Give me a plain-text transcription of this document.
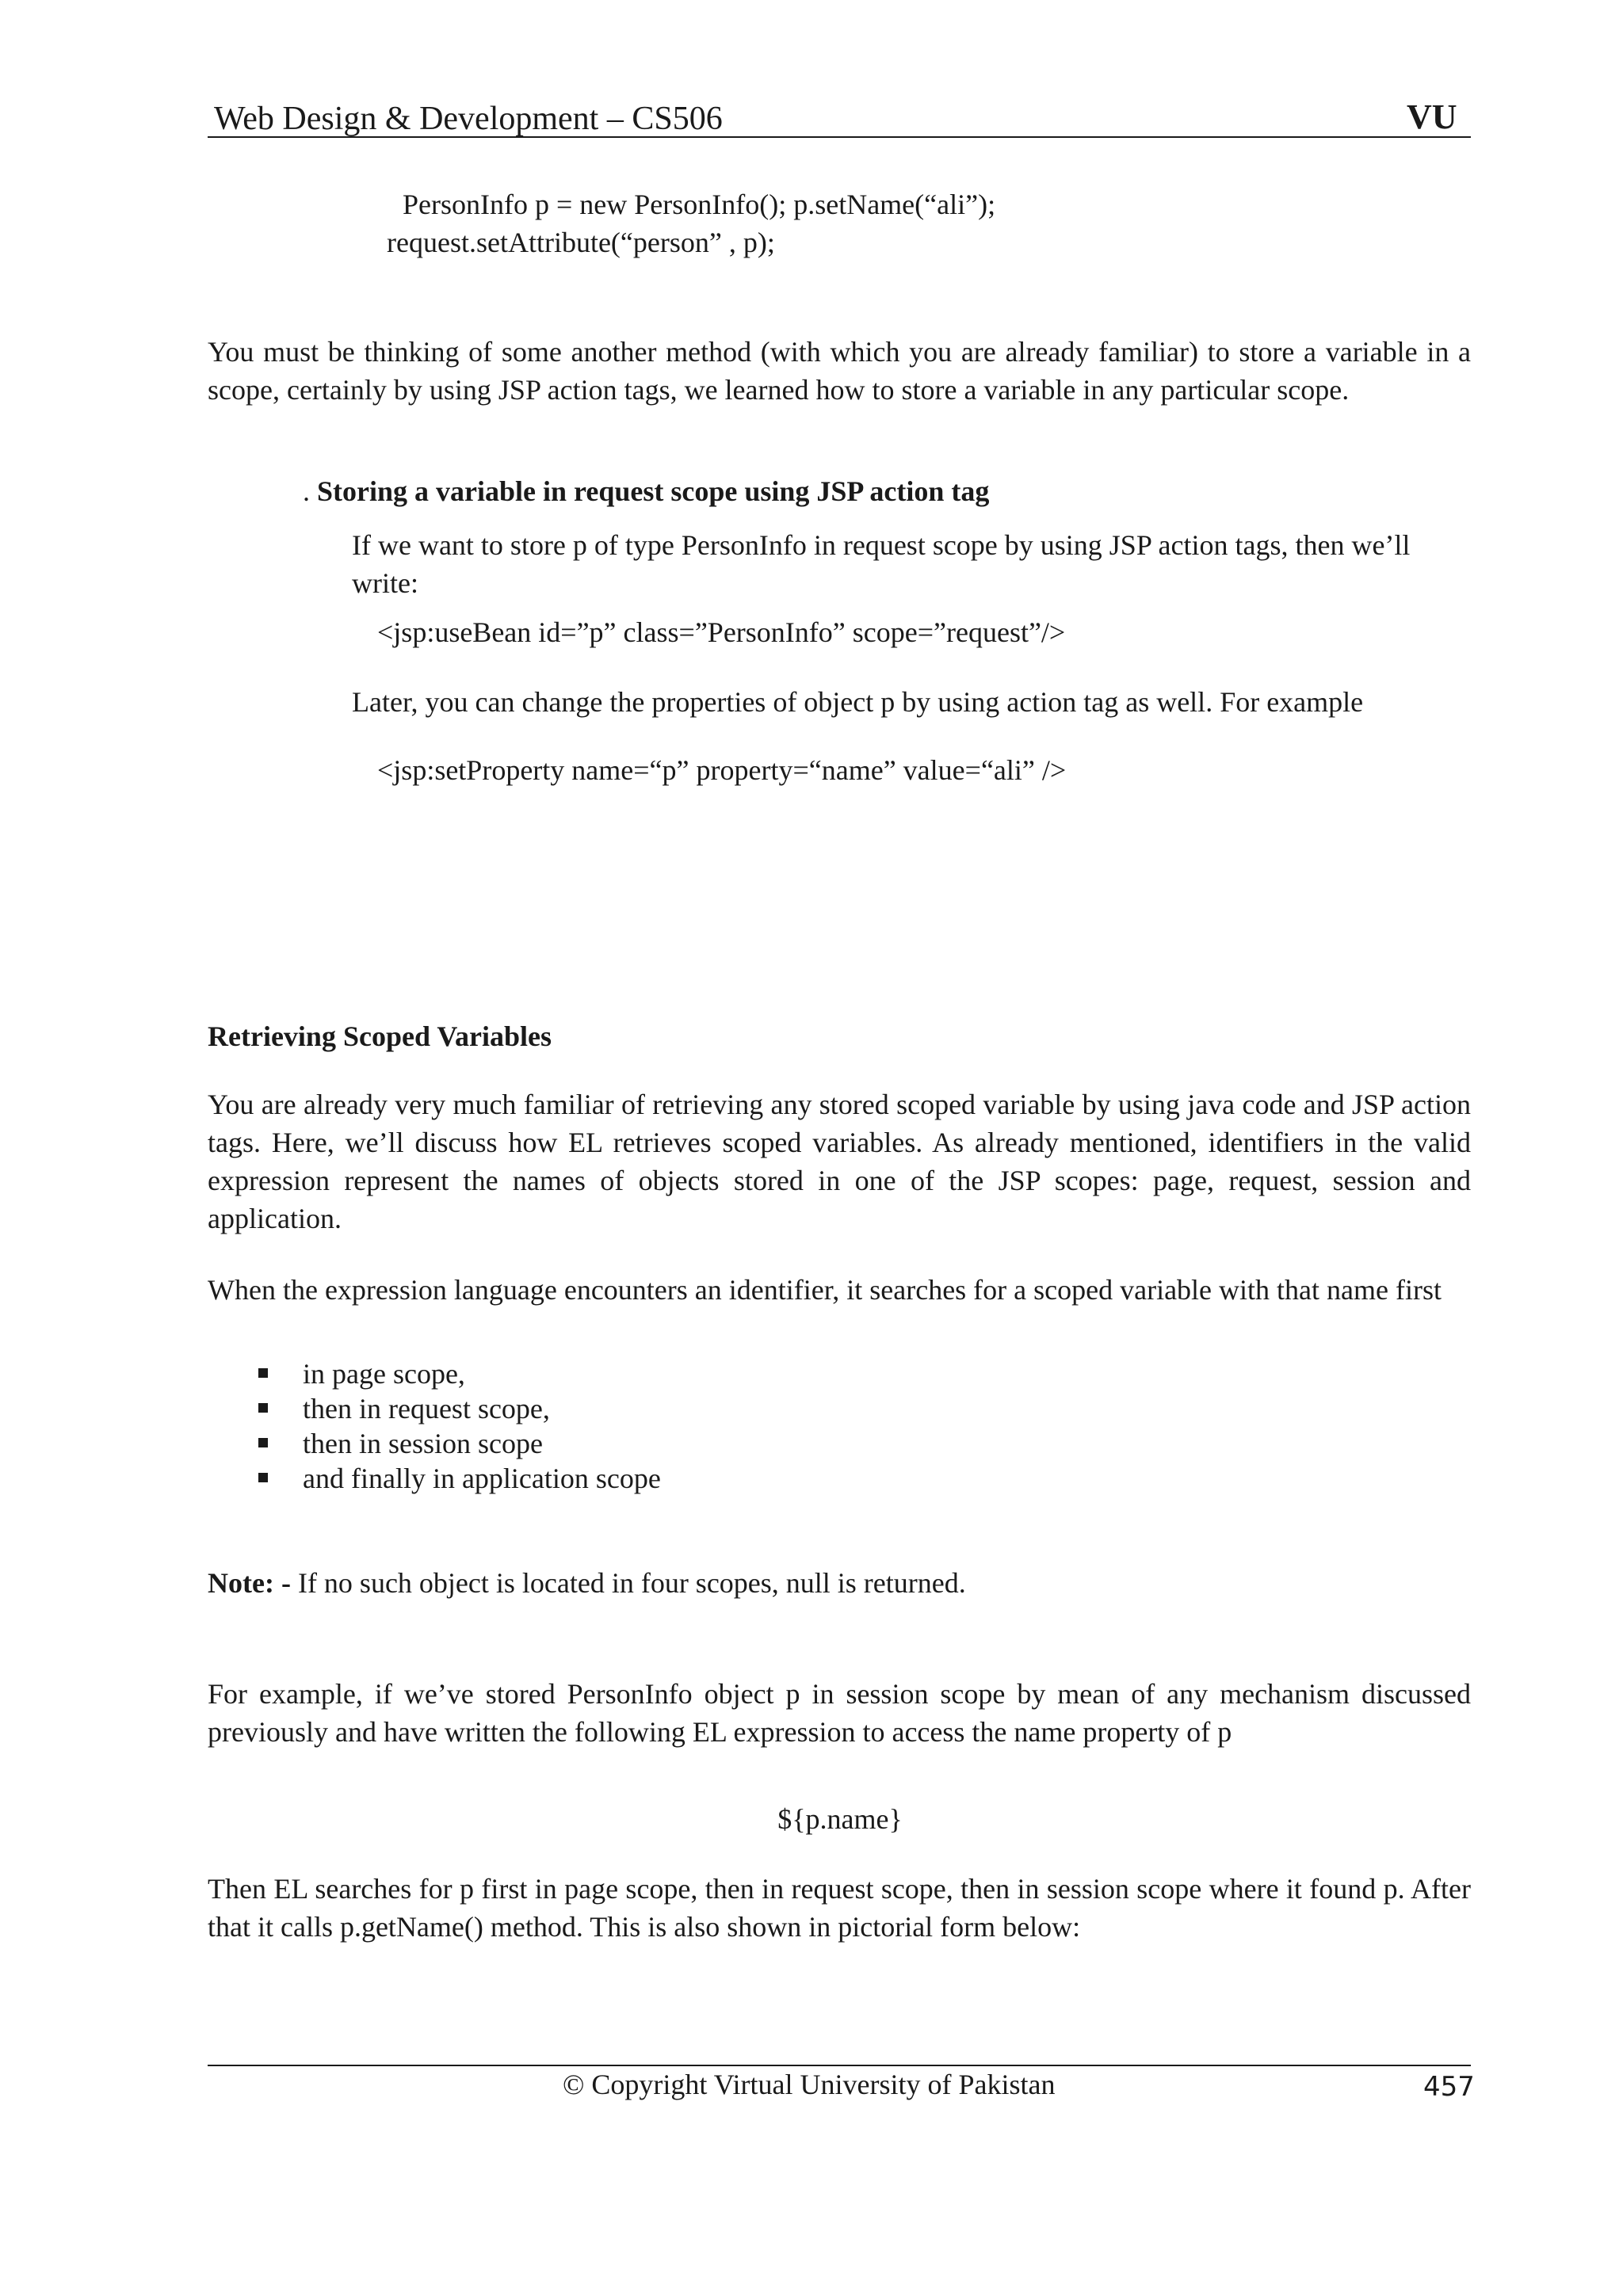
Web Design & Development – CS506	VU
PersonInfo p = new PersonInfo(); p.setName(“ali”);
request.setAttribute(“person” , p);

You must be thinking of some another method (with which you are already familiar) to store a variable in a scope, certainly by using JSP action tags, we learned how to store a variable in any particular scope.

. Storing a variable in request scope using JSP action tag

If we want to store p of type PersonInfo in request scope by using JSP action tags, then we’ll write:

<jsp:useBean id=”p” class=”PersonInfo” scope=”request”/>
Later, you can change the properties of object p by using action tag as well. For example
<jsp:setProperty name=“p” property=“name” value=“ali” />
Retrieving Scoped Variables

You are already very much familiar of retrieving any stored scoped variable by using java code and JSP action tags. Here, we’ll discuss how EL retrieves scoped variables. As already mentioned, identifiers in the valid expression represent the names of objects stored in one of the JSP scopes: page, request, session and application.

When the expression language encounters an identifier, it searches for a scoped variable with that name first

in page scope,
then in request scope,
then in session scope
and finally in application scope
Note: - If no such object is located in four scopes, null is returned.

For example, if we’ve stored PersonInfo object p in session scope by mean of any mechanism discussed previously and have written the following EL expression to access the name property of p

${p.name}

Then EL searches for p first in page scope, then in request scope, then in session scope where it found p. After that it calls p.getName() method. This is also shown in pictorial form below:

© Copyright Virtual University of Pakistan	457
